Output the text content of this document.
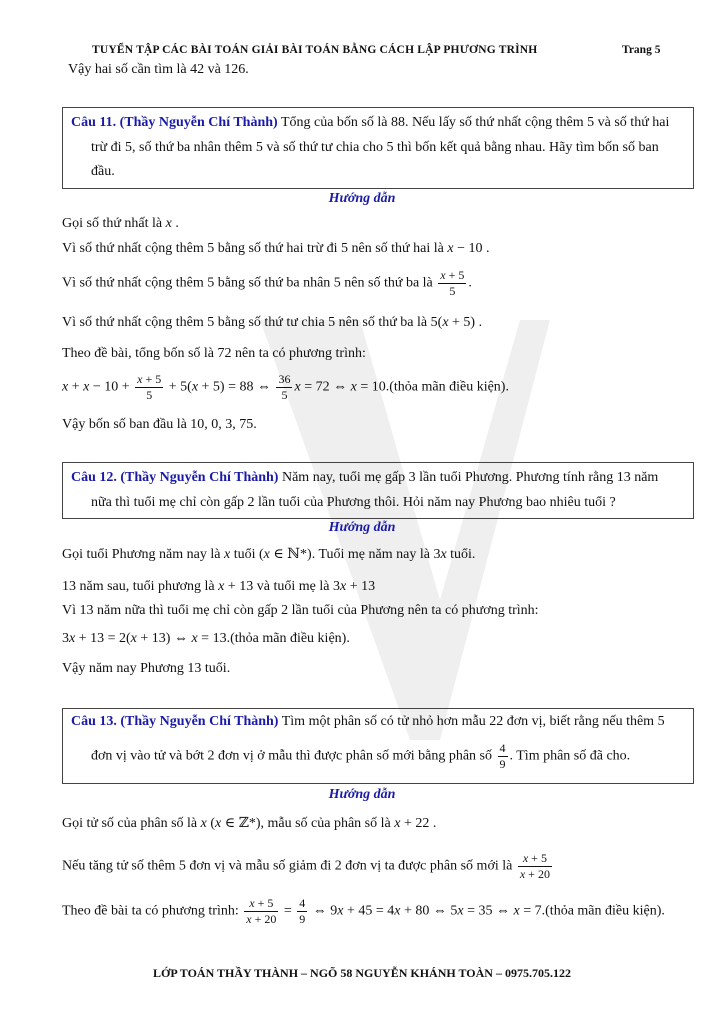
TUYỂN TẬP CÁC BÀI TOÁN GIẢI BÀI TOÁN BẰNG CÁCH LẬP PHƯƠNG TRÌNH	Trang 5
Vậy hai số cần tìm là 42 và 126.
Câu 11. (Thầy Nguyễn Chí Thành) Tổng của bốn số là 88. Nếu lấy số thứ nhất cộng thêm 5 và số thứ hai
trừ đi 5, số thứ ba nhân thêm 5 và số thứ tư chia cho 5 thì bốn kết quả bằng nhau. Hãy tìm bốn số ban
đầu.
Hướng dẫn
Gọi số thứ nhất là x .
Vì số thứ nhất cộng thêm 5 bằng số thứ hai trừ đi 5 nên số thứ hai là x − 10 .
Vì số thứ nhất cộng thêm 5 bằng số thứ ba nhân 5 nên số thứ ba là $\frac{x + 5}{5}$ .
Vì số thứ nhất cộng thêm 5 bằng số thứ tư chia 5 nên số thứ ba là 5(x + 5) .
Theo đề bài, tổng bốn số là 72 nên ta có phương trình:
$x + x - 10 + \frac{x + 5}{5} + 5(x + 5) = 88$ ⇔ $\frac{36}{5}$ x = 72 ⇔ x = 10.(thỏa mãn điều kiện).
Vậy bốn số ban đầu là 10, 0, 3, 75.
Câu 12. (Thầy Nguyễn Chí Thành) Năm nay, tuổi mẹ gấp 3 lần tuổi Phương. Phương tính rằng 13 năm
nữa thì tuổi mẹ chỉ còn gấp 2 lần tuổi của Phương thôi. Hỏi năm nay Phương bao nhiêu tuổi ?
Hướng dẫn
Gọi tuổi Phương năm nay là x tuổi (x ∈ ℕ*). Tuổi mẹ năm nay là 3x tuổi.
13 năm sau, tuổi phương là x + 13 và tuổi mẹ là 3x + 13
Vì 13 năm nữa thì tuổi mẹ chỉ còn gấp 2 lần tuổi của Phương nên ta có phương trình:
3x + 13 = 2(x + 13) ⇔ x = 13.(thỏa mãn điều kiện).
Vậy năm nay Phương 13 tuổi.
Câu 13. (Thầy Nguyễn Chí Thành) Tìm một phân số có tử nhỏ hơn mẫu 22 đơn vị, biết rằng nếu thêm 5
đơn vị vào tử và bớt 2 đơn vị ở mẫu thì được phân số mới bằng phân số $\frac{4}{9}$ . Tìm phân số đã cho.
Hướng dẫn
Gọi tử số của phân số là x (x ∈ ℤ*), mẫu số của phân số là x + 22 .
Nếu tăng tử số thêm 5 đơn vị và mẫu số giảm đi 2 đơn vị ta được phân số mới là $\frac{x + 5}{x + 20}$
Theo đề bài ta có phương trình: $\frac{x + 5}{x + 20} = \frac{4}{9}$ ⇔ 9x + 45 = 4x + 80 ⇔ 5x = 35 ⇔ x = 7.(thỏa mãn điều kiện).
LỚP TOÁN THẦY THÀNH – NGÕ 58 NGUYỄN KHÁNH TOÀN – 0975.705.122
